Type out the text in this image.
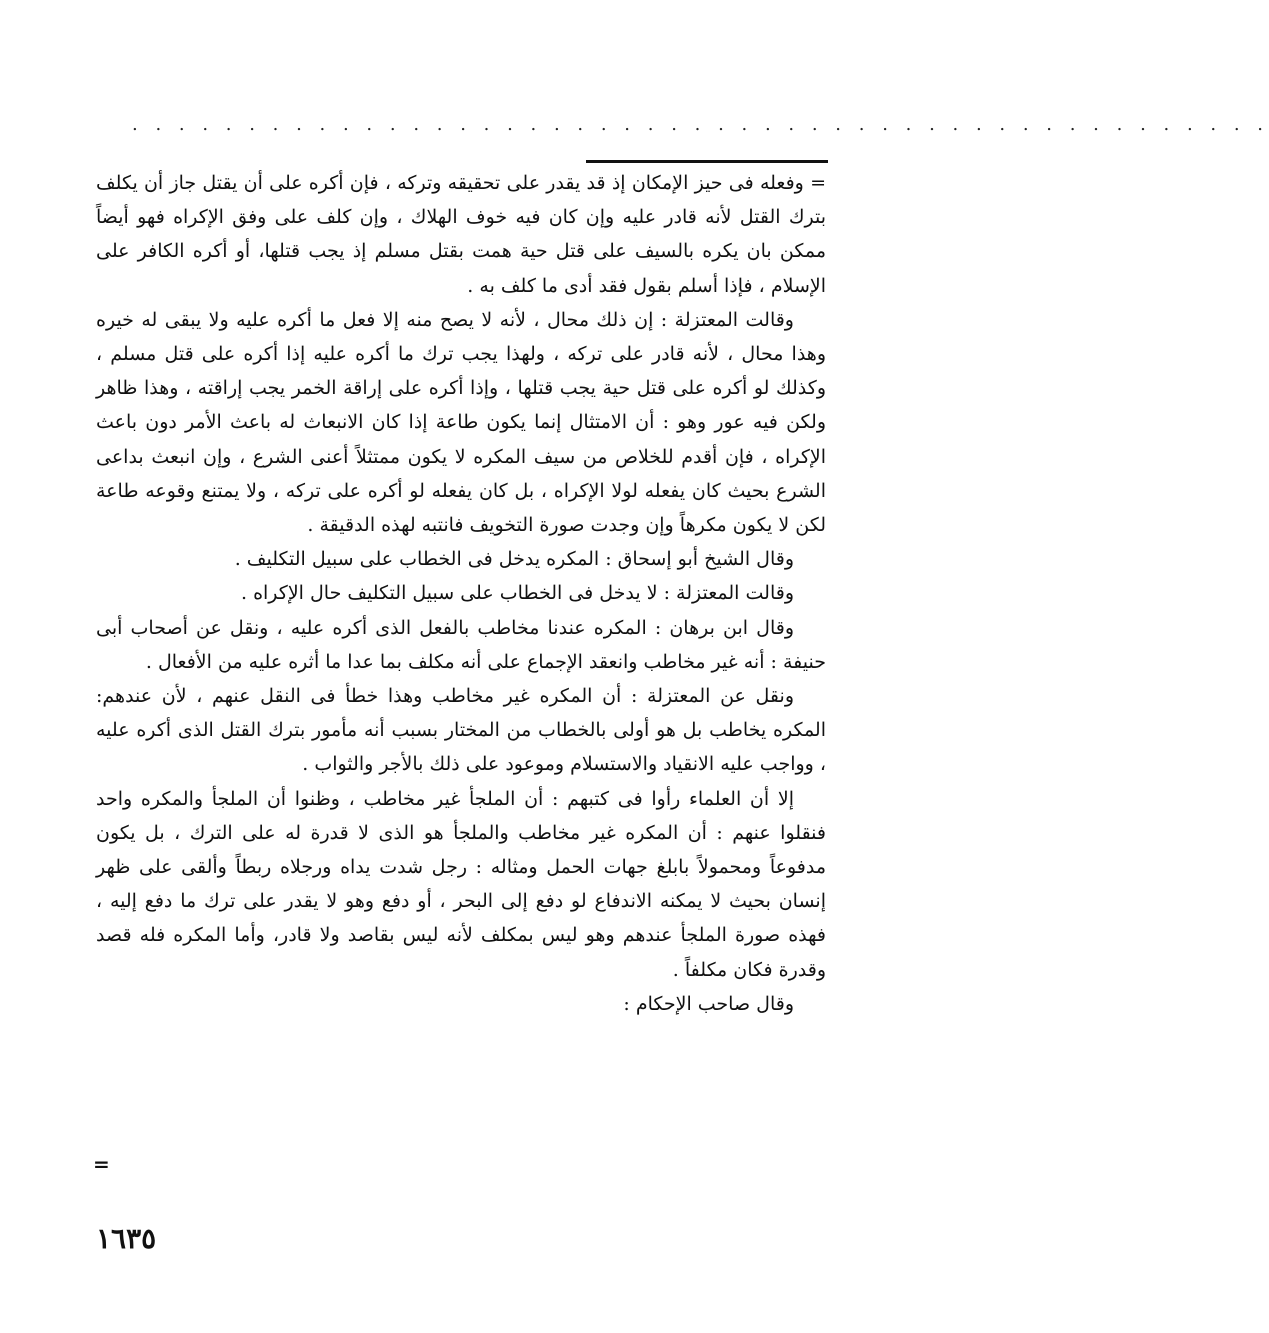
. . . . . . . . . . . . . . . . . . . . . . . . . . . . . . . . . . . . . . . . . . . . . . . . .

= وفعله فى حيز الإمكان إذ قد يقدر على تحقيقه وتركه ، فإن أكره على أن يقتل جاز أن يكلف بترك القتل لأنه قادر عليه وإن كان فيه خوف الهلاك ، وإن كلف على وفق الإكراه فهو أيضاً ممكن بان يكره بالسيف على قتل حية همت بقتل مسلم إذ يجب قتلها، أو أكره الكافر على الإسلام ، فإذا أسلم بقول فقد أدى ما كلف به .

وقالت المعتزلة : إن ذلك محال ، لأنه لا يصح منه إلا فعل ما أكره عليه ولا يبقى له خيره وهذا محال ، لأنه قادر على تركه ، ولهذا يجب ترك ما أكره عليه إذا أكره على قتل مسلم ، وكذلك لو أكره على قتل حية يجب قتلها ، وإذا أكره على إراقة الخمر يجب إراقته ، وهذا ظاهر ولكن فيه عور وهو : أن الامتثال إنما يكون طاعة إذا كان الانبعاث له باعث الأمر دون باعث الإكراه ، فإن أقدم للخلاص من سيف المكره لا يكون ممتثلاً أعنى الشرع ، وإن انبعث بداعى الشرع بحيث كان يفعله لولا الإكراه ، بل كان يفعله لو أكره على تركه ، ولا يمتنع وقوعه طاعة لكن لا يكون مكرهاً وإن وجدت صورة التخويف فانتبه لهذه الدقيقة .

وقال الشيخ أبو إسحاق : المكره يدخل فى الخطاب على سبيل التكليف .

وقالت المعتزلة : لا يدخل فى الخطاب على سبيل التكليف حال الإكراه .

وقال ابن برهان : المكره عندنا مخاطب بالفعل الذى أكره عليه ، ونقل عن أصحاب أبى حنيفة : أنه غير مخاطب وانعقد الإجماع على أنه مكلف بما عدا ما أثره عليه من الأفعال .

ونقل عن المعتزلة : أن المكره غير مخاطب وهذا خطأ فى النقل عنهم ، لأن عندهم: المكره يخاطب بل هو أولى بالخطاب من المختار بسبب أنه مأمور بترك القتل الذى أكره عليه ، وواجب عليه الانقياد والاستسلام وموعود على ذلك بالأجر والثواب .

إلا أن العلماء رأوا فى كتبهم : أن الملجأ غير مخاطب ، وظنوا أن الملجأ والمكره واحد فنقلوا عنهم : أن المكره غير مخاطب والملجأ هو الذى لا قدرة له على الترك ، بل يكون مدفوعاً ومحمولاً بابلغ جهات الحمل ومثاله : رجل شدت يداه ورجلاه ربطاً وألقى على ظهر إنسان بحيث لا يمكنه الاندفاع لو دفع إلى البحر ، أو دفع وهو لا يقدر على ترك ما دفع إليه ، فهذه صورة الملجأ عندهم وهو ليس بمكلف لأنه ليس بقاصد ولا قادر، وأما المكره فله قصد وقدرة فكان مكلفاً .

وقال صاحب الإحكام :

=
١٦٣٥
